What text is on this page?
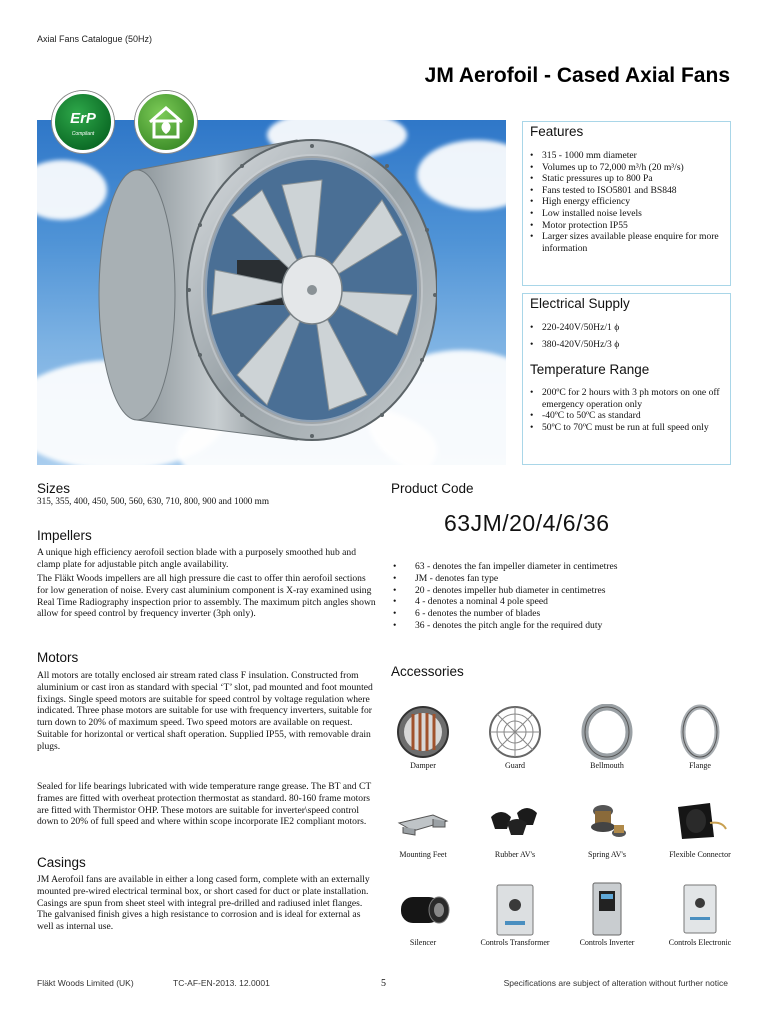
Axial Fans Catalogue (50Hz)
JM Aerofoil - Cased Axial Fans
ErP
Compliant	Features
• 315 - 1000 mm diameter
• Volumes up to 72,000 m³/h (20 m³/s)
• Static pressures up to 800 Pa
• Fans tested to ISO5801 and BS848
• High energy efficiency
• Low installed noise levels
• Motor protection IP55
• Larger sizes available please enquire for more information
Electrical Supply
• 220-240V/50Hz/1 ϕ
• 380-420V/50Hz/3 ϕ
Temperature Range
• 200ºC for 2 hours with 3 ph motors on one off emergency operation only
• -40ºC to 50ºC as standard
• 50ºC to 70ºC must be run at full speed only
Sizes
315, 355, 400, 450, 500, 560, 630, 710, 800, 900 and 1000 mm
Impellers
A unique high efficiency aerofoil section blade with a purposely smoothed hub and clamp plate for adjustable pitch angle availability.
The Fläkt Woods impellers are all high pressure die cast to offer thin aerofoil sections for low generation of noise. Every cast aluminium component is X-ray examined using Real Time Radiography inspection prior to assembly. The maximum pitch angles shown allow for speed control by frequency inverter (3ph only).
Motors
All motors are totally enclosed air stream rated class F insulation. Constructed from aluminium or cast iron as standard with special ‘T’ slot, pad mounted and foot mounted fixings. Single speed motors are suitable for speed control by voltage regulation where indicated. Three phase motors are suitable for use with frequency inverters, suitable for turn down to 20% of maximum speed. Two speed motors are available on request. Suitable for horizontal or vertical shaft operation. Supplied IP55, with removable drain plugs.
Sealed for life bearings lubricated with wide temperature range grease. The BT and CT frames are fitted with overheat protection thermostat as standard. 80-160 frame motors are fitted with Thermistor OHP. These motors are suitable for inverter\speed control down to 20% of full speed and where within scope incorporate IE2 compliant motors.
Casings
JM Aerofoil fans are available in either a long cased form, complete with an externally mounted pre-wired electrical terminal box, or short cased for duct or plate installation. Casings are spun from sheet steel with integral pre-drilled and radiused inlet flanges. The galvanised finish gives a high resistance to corrosion and is ideal for external as well as internal use.
Product Code
63JM/20/4/6/36
• 63 - denotes the fan impeller diameter in centimetres
• JM - denotes fan type
• 20 - denotes impeller hub diameter in centimetres
• 4 - denotes a nominal 4 pole speed
• 6 - denotes the number of blades
• 36 - denotes the pitch angle for the required duty
Accessories
Damper	Guard	Bellmouth	Flange
Mounting Feet	Rubber AV's	Spring AV's	Flexible Connector
Silencer	Controls Transformer	Controls Inverter	Controls Electronic
Fläkt Woods Limited (UK)	TC-AF-EN-2013. 12.0001	5	Specifications are subject of alteration without further notice
